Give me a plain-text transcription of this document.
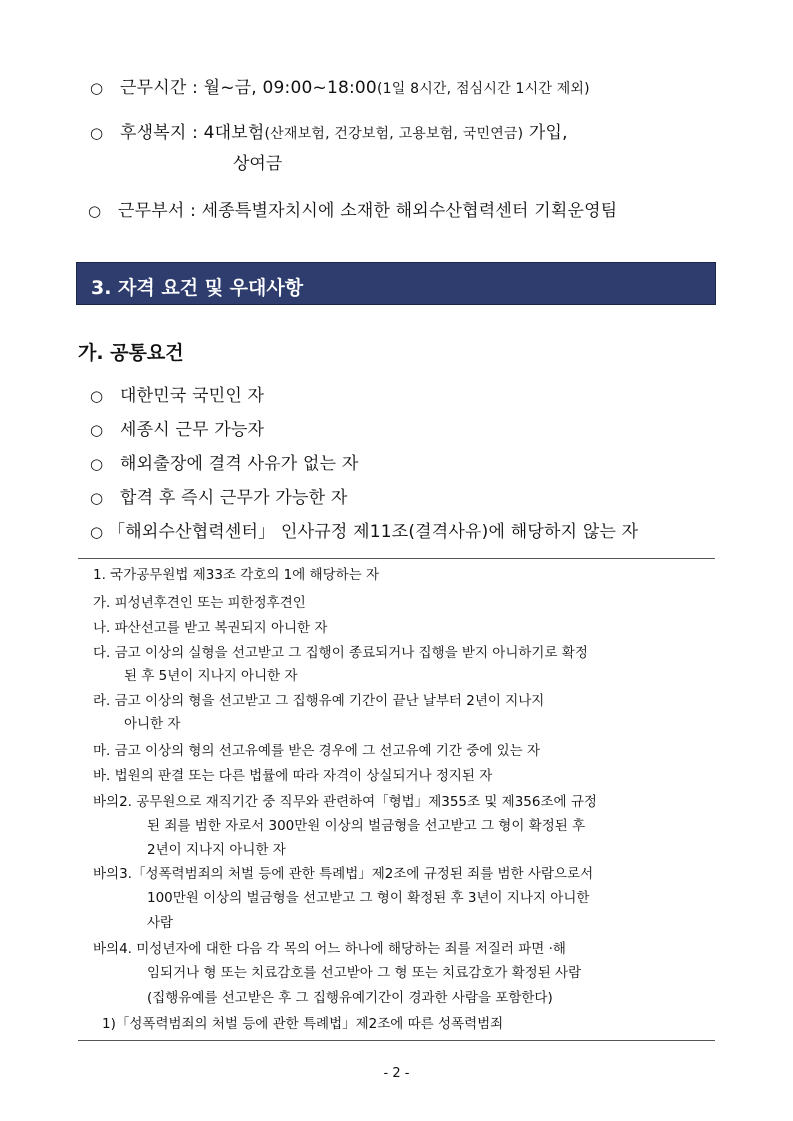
○ 근무시간 : 월~금, 09:00~18:00(1일 8시간, 점심시간 1시간 제외)
○ 후생복지 : 4대보험(산재보험, 건강보험, 고용보험, 국민연금) 가입,
상여금
○ 근무부서 : 세종특별자치시에 소재한 해외수산협력센터 기획운영팀
3. 자격 요건 및 우대사항
가. 공통요건
○ 대한민국 국민인 자
○ 세종시 근무 가능자
○ 해외출장에 결격 사유가 없는 자
○ 합격 후 즉시 근무가 가능한 자
○ 「해외수산협력센터」 인사규정 제11조(결격사유)에 해당하지 않는 자
1. 국가공무원법 제33조 각호의 1에 해당하는 자
가. 피성년후견인 또는 피한정후견인
나. 파산선고를 받고 복권되지 아니한 자
다. 금고 이상의 실형을 선고받고 그 집행이 종료되거나 집행을 받지 아니하기로 확정
된 후 5년이 지나지 아니한 자
라. 금고 이상의 형을 선고받고 그 집행유예 기간이 끝난 날부터 2년이 지나지
아니한 자
마. 금고 이상의 형의 선고유예를 받은 경우에 그 선고유예 기간 중에 있는 자
바. 법원의 판결 또는 다른 법률에 따라 자격이 상실되거나 정지된 자
바의2. 공무원으로 재직기간 중 직무와 관련하여「형법」제355조 및 제356조에 규정
된 죄를 범한 자로서 300만원 이상의 벌금형을 선고받고 그 형이 확정된 후
2년이 지나지 아니한 자
바의3.「성폭력범죄의 처벌 등에 관한 특례법」제2조에 규정된 죄를 범한 사람으로서
100만원 이상의 벌금형을 선고받고 그 형이 확정된 후 3년이 지나지 아니한
사람
바의4. 미성년자에 대한 다음 각 목의 어느 하나에 해당하는 죄를 저질러 파면 ·해
임되거나 형 또는 치료감호를 선고받아 그 형 또는 치료감호가 확정된 사람
(집행유예를 선고받은 후 그 집행유예기간이 경과한 사람을 포함한다)
1)「성폭력범죄의 처벌 등에 관한 특례법」제2조에 따른 성폭력범죄
- 2 -
